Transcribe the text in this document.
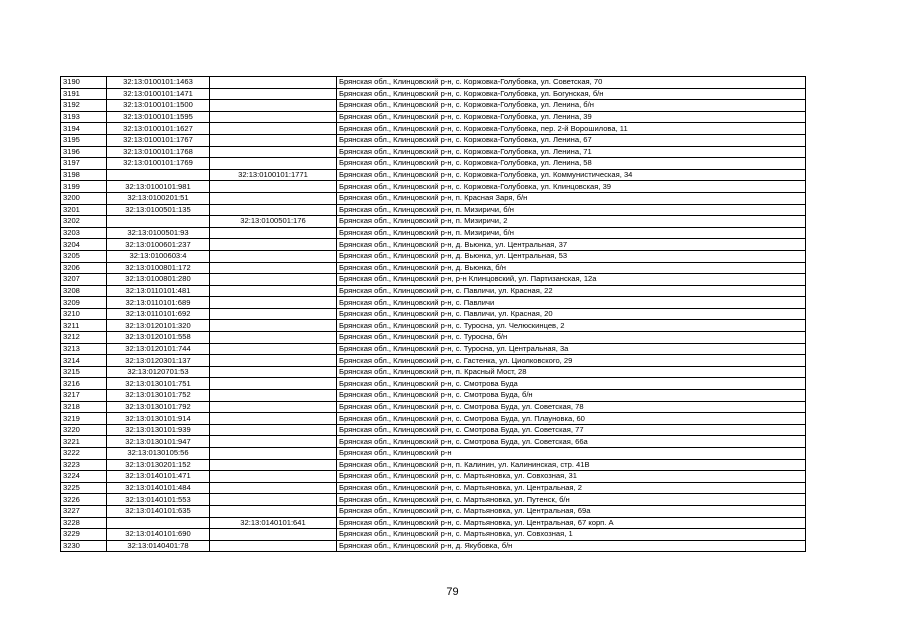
3190	32:13:0100101:1463		Брянская обл., Клинцовский р-н, с. Коржовка-Голубовка, ул. Советская, 70
3191	32:13:0100101:1471		Брянская обл., Клинцовский р-н, с. Коржовка-Голубовка, ул. Богунская, б/н
3192	32:13:0100101:1500		Брянская обл., Клинцовский р-н, с. Коржовка-Голубовка, ул. Ленина, б/н
3193	32:13:0100101:1595		Брянская обл., Клинцовский р-н, с. Коржовка-Голубовка, ул. Ленина, 39
3194	32:13:0100101:1627		Брянская обл., Клинцовский р-н, с. Коржовка-Голубовка, пер. 2-й Ворошилова, 11
3195	32:13:0100101:1767		Брянская обл., Клинцовский р-н, с. Коржовка-Голубовка, ул. Ленина, 67
3196	32:13:0100101:1768		Брянская обл., Клинцовский р-н, с. Коржовка-Голубовка, ул. Ленина, 71
3197	32:13:0100101:1769		Брянская обл., Клинцовский р-н, с. Коржовка-Голубовка, ул. Ленина, 58
3198		32:13:0100101:1771	Брянская обл., Клинцовский р-н, с. Коржовка-Голубовка, ул. Коммунистическая, 34
3199	32:13:0100101:981		Брянская обл., Клинцовский р-н, с. Коржовка-Голубовка, ул. Клинцовская, 39
3200	32:13:0100201:51		Брянская обл., Клинцовский р-н, п. Красная Заря, б/н
3201	32:13:0100501:135		Брянская обл., Клинцовский р-н, п. Мизиричи, б/н
3202		32:13:0100501:176	Брянская обл., Клинцовский р-н, п. Мизиричи, 2
3203	32:13:0100501:93		Брянская обл., Клинцовский р-н, п. Мизиричи, б/н
3204	32:13:0100601:237		Брянская обл., Клинцовский р-н, д. Вьюнка, ул. Центральная, 37
3205	32:13:0100603:4		Брянская обл., Клинцовский р-н, д. Вьюнка, ул. Центральная, 53
3206	32:13:0100801:172		Брянская обл., Клинцовский р-н, д. Вьюнка, б/н
3207	32:13:0100801:280		Брянская обл., Клинцовский р-н, р-н Клинцовский, ул. Партизанская, 12а
3208	32:13:0110101:481		Брянская обл., Клинцовский р-н, с. Павличи, ул. Красная, 22
3209	32:13:0110101:689		Брянская обл., Клинцовский р-н, с. Павличи
3210	32:13:0110101:692		Брянская обл., Клинцовский р-н, с. Павличи, ул. Красная, 20
3211	32:13:0120101:320		Брянская обл., Клинцовский р-н, с. Туросна, ул. Челюскинцев, 2
3212	32:13:0120101:558		Брянская обл., Клинцовский р-н, с. Туросна, б/н
3213	32:13:0120101:744		Брянская обл., Клинцовский р-н, с. Туросна, ул. Центральная, 3а
3214	32:13:0120301:137		Брянская обл., Клинцовский р-н, с. Гастенка, ул. Циолковского, 29
3215	32:13:0120701:53		Брянская обл., Клинцовский р-н, п. Красный Мост, 28
3216	32:13:0130101:751		Брянская обл., Клинцовский р-н, с. Смотрова Буда
3217	32:13:0130101:752		Брянская обл., Клинцовский р-н, с. Смотрова Буда, б/н
3218	32:13:0130101:792		Брянская обл., Клинцовский р-н, с. Смотрова Буда, ул. Советская, 78
3219	32:13:0130101:914		Брянская обл., Клинцовский р-н, с. Смотрова Буда, ул. Плауновка, 60
3220	32:13:0130101:939		Брянская обл., Клинцовский р-н, с. Смотрова Буда, ул. Советская, 77
3221	32:13:0130101:947		Брянская обл., Клинцовский р-н, с. Смотрова Буда, ул. Советская, 66а
3222	32:13:0130105:56		Брянская обл., Клинцовский р-н
3223	32:13:0130201:152		Брянская обл., Клинцовский р-н, п. Калинин, ул. Калининская, стр. 41В
3224	32:13:0140101:471		Брянская обл., Клинцовский р-н, с. Мартьяновка, ул. Совхозная, 31
3225	32:13:0140101:484		Брянская обл., Клинцовский р-н, с. Мартьяновка, ул. Центральная, 2
3226	32:13:0140101:553		Брянская обл., Клинцовский р-н, с. Мартьяновка, ул. Путенск, б/н
3227	32:13:0140101:635		Брянская обл., Клинцовский р-н, с. Мартьяновка, ул. Центральная, 69а
3228		32:13:0140101:641	Брянская обл., Клинцовский р-н, с. Мартьяновка, ул. Центральная, 67 корп. А
3229	32:13:0140101:690		Брянская обл., Клинцовский р-н, с. Мартьяновка, ул. Совхозная, 1
3230	32:13:0140401:78		Брянская обл., Клинцовский р-н, д. Якубовка, б/н
79
